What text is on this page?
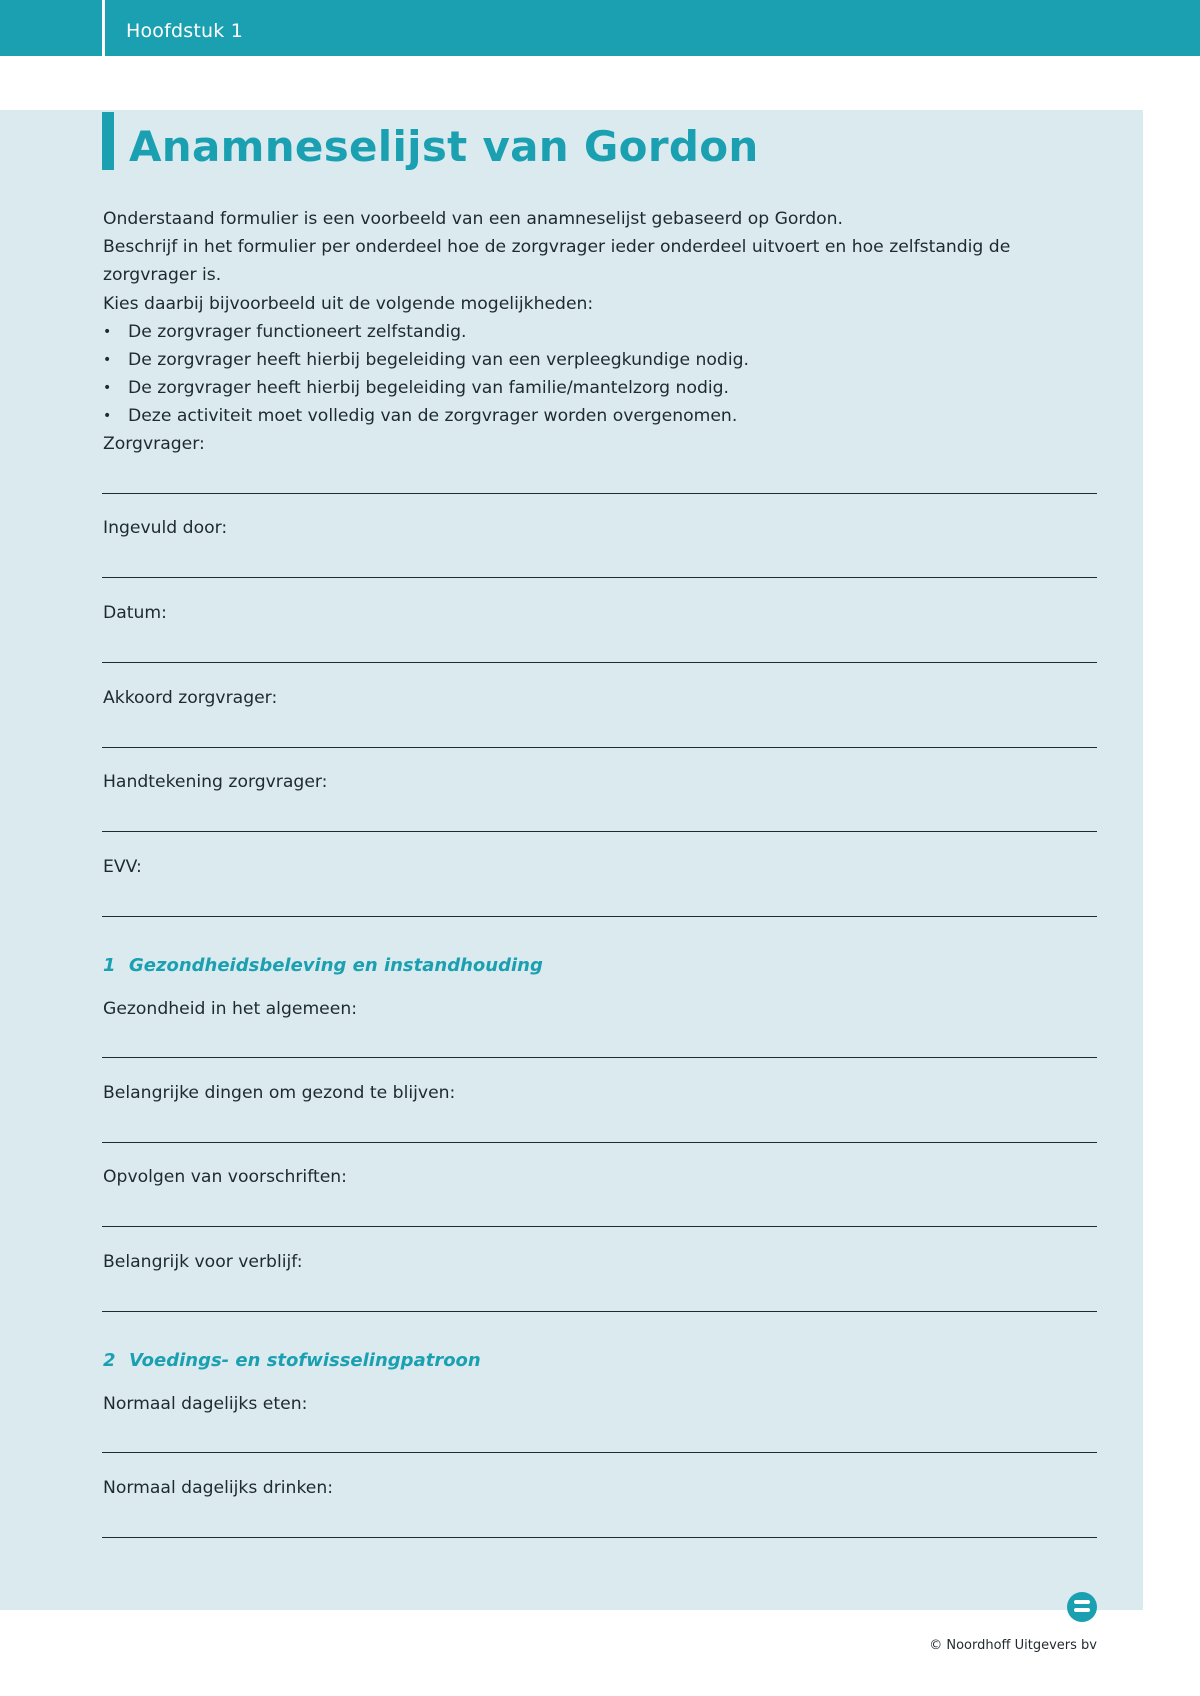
Hoofdstuk 1
Anamneselijst van Gordon

Onderstaand formulier is een voorbeeld van een anamneselijst gebaseerd op Gordon.

Beschrijf in het formulier per onderdeel hoe de zorgvrager ieder onderdeel uitvoert en hoe zelfstandig de zorgvrager is.

Kies daarbij bijvoorbeeld uit de volgende mogelijkheden:

• De zorgvrager functioneert zelfstandig.
• De zorgvrager heeft hierbij begeleiding van een verpleegkundige nodig.
• De zorgvrager heeft hierbij begeleiding van familie/mantelzorg nodig.
• Deze activiteit moet volledig van de zorgvrager worden overgenomen.
Zorgvrager:
Ingevuld door:
Datum:
Akkoord zorgvrager:
Handtekening zorgvrager:
EVV:
1 Gezondheidsbeleving en instandhouding
Gezondheid in het algemeen:
Belangrijke dingen om gezond te blijven:
Opvolgen van voorschriften:
Belangrijk voor verblijf:
2 Voedings- en stofwisselingpatroon
Normaal dagelijks eten:
Normaal dagelijks drinken:
© Noordhoff Uitgevers bv
